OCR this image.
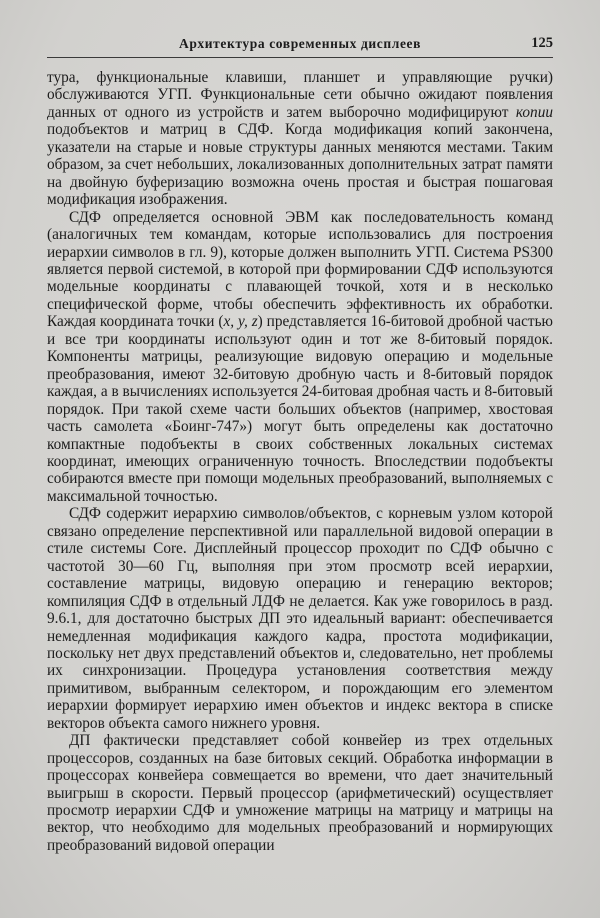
Архитектура современных дисплеев	125

тура, функциональные клавиши, планшет и управляющие ручки) обслуживаются УГП. Функциональные сети обычно ожидают появления данных от одного из устройств и затем выборочно модифицируют копии подобъектов и матриц в СДФ. Когда модификация копий закончена, указатели на старые и новые структуры данных меняются местами. Таким образом, за счет небольших, локализованных дополнительных затрат памяти на двойную буферизацию возможна очень простая и быстрая пошаговая модификация изображения.

СДФ определяется основной ЭВМ как последовательность команд (аналогичных тем командам, которые использовались для построения иерархии символов в гл. 9), которые должен выполнить УГП. Система PS300 является первой системой, в которой при формировании СДФ используются модельные координаты с плавающей точкой, хотя и в несколько специфической форме, чтобы обеспечить эффективность их обработки. Каждая координата точки (x, y, z) представляется 16-битовой дробной частью и все три координаты используют один и тот же 8-битовый порядок. Компоненты матрицы, реализующие видовую операцию и модельные преобразования, имеют 32-битовую дробную часть и 8-битовый порядок каждая, а в вычислениях используется 24-битовая дробная часть и 8-битовый порядок. При такой схеме части больших объектов (например, хвостовая часть самолета «Боинг-747») могут быть определены как достаточно компактные подобъекты в своих собственных локальных системах координат, имеющих ограниченную точность. Впоследствии подобъекты собираются вместе при помощи модельных преобразований, выполняемых с максимальной точностью.

СДФ содержит иерархию символов/объектов, с корневым узлом которой связано определение перспективной или параллельной видовой операции в стиле системы Core. Дисплейный процессор проходит по СДФ обычно с частотой 30—60 Гц, выполняя при этом просмотр всей иерархии, составление матрицы, видовую операцию и генерацию векторов; компиляция СДФ в отдельный ЛДФ не делается. Как уже говорилось в разд. 9.6.1, для достаточно быстрых ДП это идеальный вариант: обеспечивается немедленная модификация каждого кадра, простота модификации, поскольку нет двух представлений объектов и, следовательно, нет проблемы их синхронизации. Процедура установления соответствия между примитивом, выбранным селектором, и порождающим его элементом иерархии формирует иерархию имен объектов и индекс вектора в списке векторов объекта самого нижнего уровня.

ДП фактически представляет собой конвейер из трех отдельных процессоров, созданных на базе битовых секций. Обработка информации в процессорах конвейера совмещается во времени, что дает значительный выигрыш в скорости. Первый процессор (арифметический) осуществляет просмотр иерархии СДФ и умножение матрицы на матрицу и матрицы на вектор, что необходимо для модельных преобразований и нормирующих преобразований видовой операции
